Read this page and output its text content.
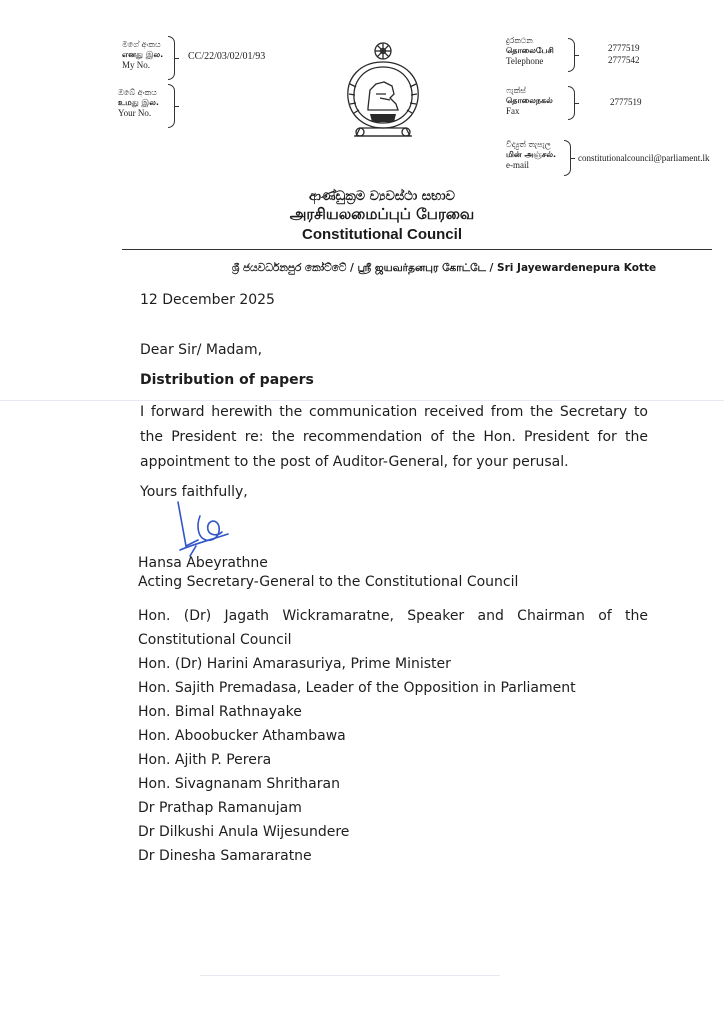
මගේ අංකය
எனது இல.
My No.
CC/22/03/02/01/93
ඔබේ අංකය
உமது இல.
Your No.
දුරකථන
தொலைபேசி
Telephone
2777519
2777542
ෆැක්ස්
தொலைநகல்
Fax
2777519
විද්‍යුත් තැපැල
மின் அஞ்சல்.
e-mail
constitutionalcouncil@parliament.lk
ආණ්ඩුක්‍රම ව්‍යවස්ථා සභාව
அரசியலமைப்புப் பேரவை
Constitutional Council
ශ්‍රී ජයවර්ධනපුර කෝට්ටේ / ஸ்ரீ ஜயவர்தனபுர கோட்டே / Sri Jayewardenepura Kotte
12 December 2025
Dear Sir/ Madam,
Distribution of papers
I forward herewith the communication received from the Secretary to the President re: the recommendation of the Hon. President for the appointment to the post of Auditor-General, for your perusal.
Yours faithfully,
Hansa Abeyrathne
Acting Secretary-General to the Constitutional Council
Hon. (Dr) Jagath Wickramaratne, Speaker and Chairman of the Constitutional Council
Hon. (Dr) Harini Amarasuriya, Prime Minister
Hon. Sajith Premadasa, Leader of the Opposition in Parliament
Hon. Bimal Rathnayake
Hon. Aboobucker Athambawa
Hon. Ajith P. Perera
Hon. Sivagnanam Shritharan
Dr Prathap Ramanujam
Dr Dilkushi Anula Wijesundere
Dr Dinesha Samararatne
